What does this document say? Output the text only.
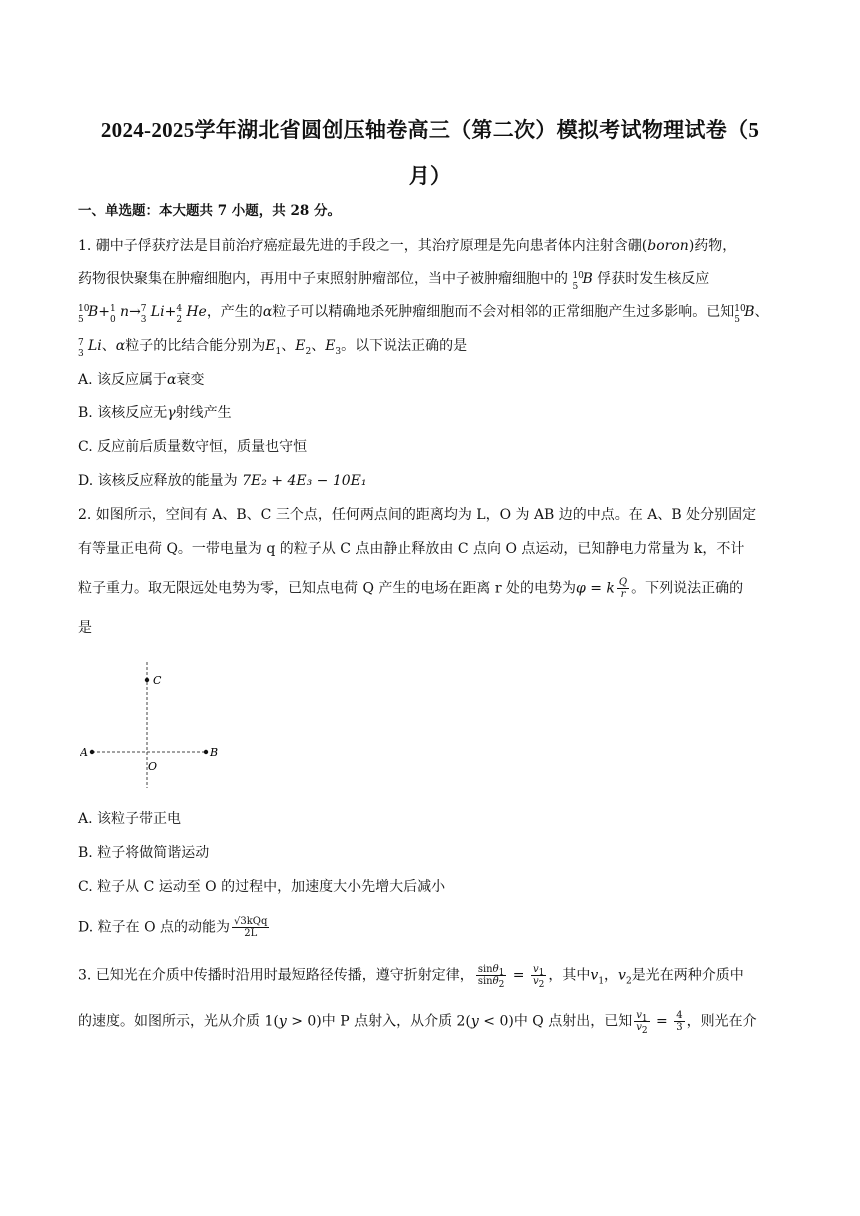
2024-2025学年湖北省圆创压轴卷高三（第二次）模拟考试物理试卷（5
月）
一、单选题：本大题共 7 小题，共 28 分。
1. 硼中子俘获疗法是目前治疗癌症最先进的手段之一，其治疗原理是先向患者体内注射含硼(boron)药物，
药物很快聚集在肿瘤细胞内，再用中子束照射肿瘤部位，当中子被肿瘤细胞中的 10
5 B 俘获时发生核反应
10
5 B+ 1
0 n→ 7
3 Li+ 4
2 He，产生的α粒子可以精确地杀死肿瘤细胞而不会对相邻的正常细胞产生过多影响。已知 10
5 B、
7
3 Li、α粒子的比结合能分别为$E_1$、$E_2$、$E_3$。以下说法正确的是
A. 该反应属于α衰变
B. 该核反应无γ射线产生
C. 反应前后质量数守恒，质量也守恒
D. 该核反应释放的能量为 7E₂ + 4E₃ − 10E₁
2. 如图所示，空间有 A、B、C 三个点，任何两点间的距离均为 L，O 为 AB 边的中点。在 A、B 处分别固定
有等量正电荷 Q。一带电量为 q 的粒子从 C 点由静止释放由 C 点向 O 点运动，已知静电力常量为 k，不计
粒子重力。取无限远处电势为零，已知点电荷 Q 产生的电场在距离 r 处的电势为φ = k $\frac{Q}{r}$ 。下列说法正确的
是
C
A	B
O
A. 该粒子带正电
B. 粒子将做简谐运动
C. 粒子从 C 运动至 O 的过程中，加速度大小先增大后减小
D. 粒子在 O 点的动能为 $\frac{\text{√3kQq}}{2L}$
3. 已知光在介质中传播时沿用时最短路径传播，遵守折射定律， $\frac{\sin\theta_1}{\sin\theta_2} = \frac{v_1}{v_2}$ ，其中$v_1$，$v_2$是光在两种介质中
的速度。如图所示，光从介质 1(y > 0)中 P 点射入，从介质 2(y < 0)中 Q 点射出，已知 $\frac{v_1}{v_2} = \frac{4}{3}$ ，则光在介
